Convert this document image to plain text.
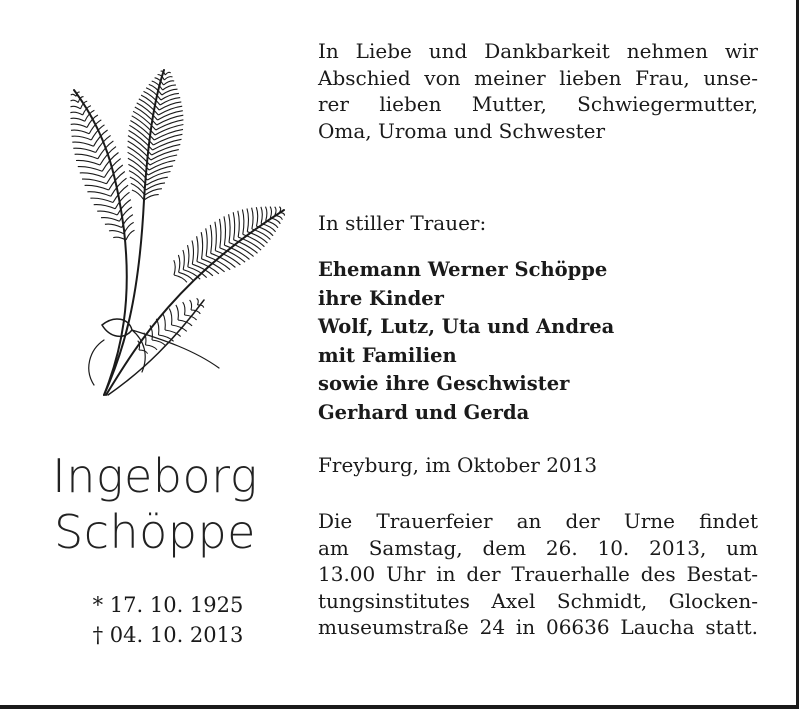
In Liebe und Dankbarkeit nehmen wir
Abschied von meiner lieben Frau, unse-
rer lieben Mutter, Schwiegermutter,
Oma, Uroma und Schwester

In stiller Trauer:

Ehemann Werner Schöppe
ihre Kinder
Wolf, Lutz, Uta und Andrea
mit Familien
sowie ihre Geschwister
Gerhard und Gerda

Freyburg, im Oktober 2013

Die Trauerfeier an der Urne findet
am Samstag, dem 26. 10. 2013, um
13.00 Uhr in der Trauerhalle des Bestat-
tungsinstitutes Axel Schmidt, Glocken-
museumstraße 24 in 06636 Laucha statt.

Ingeborg
Schöppe
* 17. 10. 1925
† 04. 10. 2013
